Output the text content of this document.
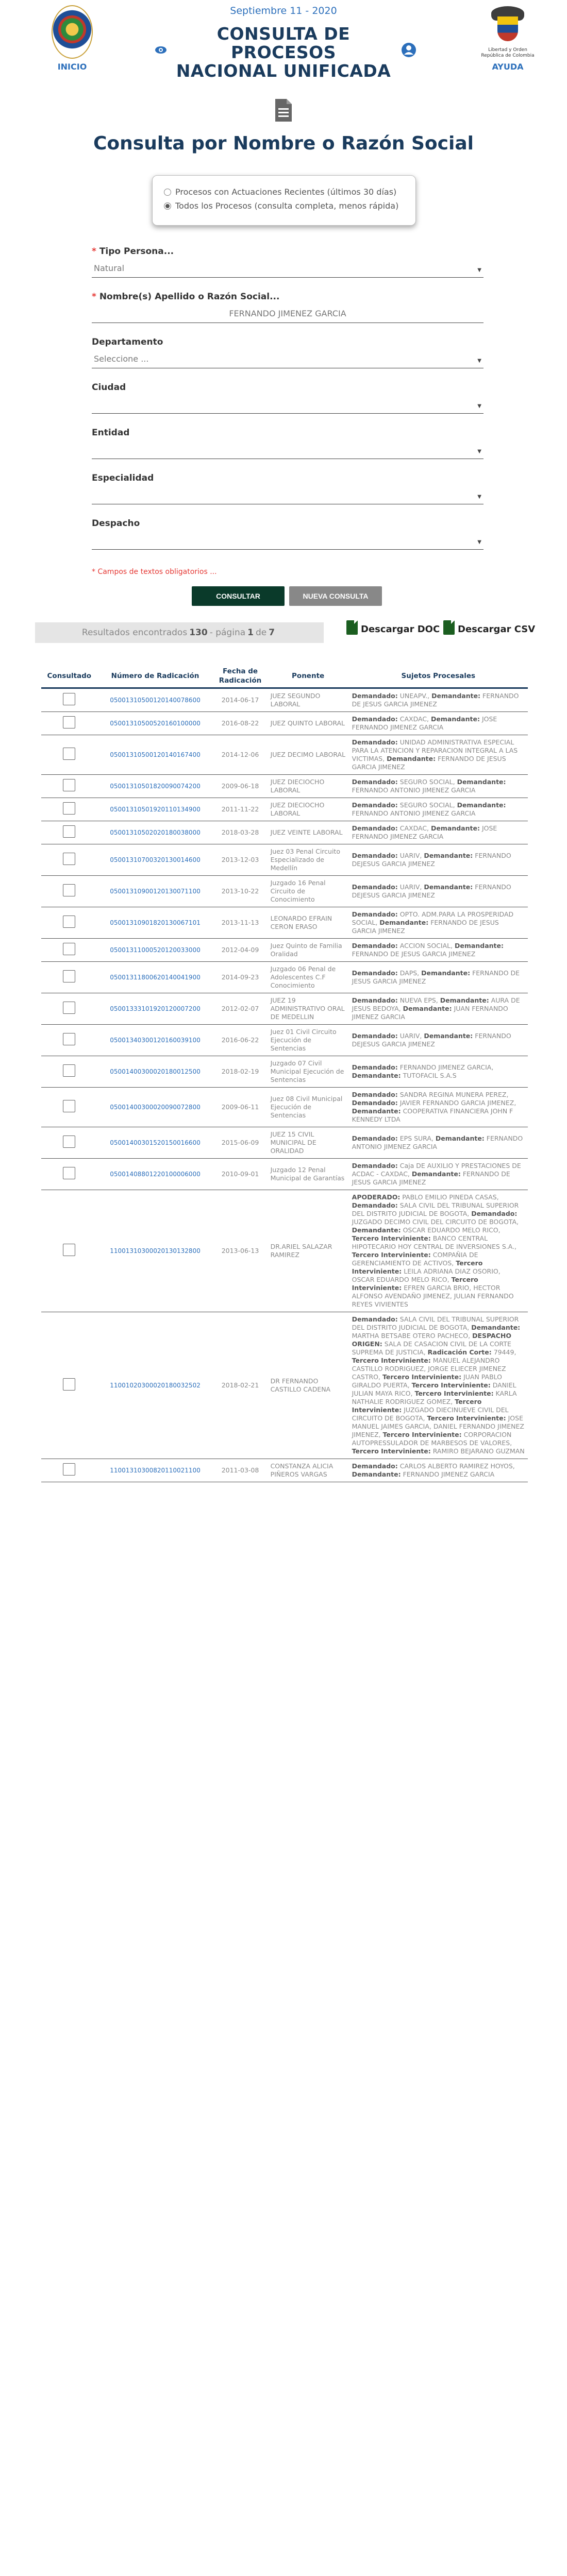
INICIO
Septiembre 11 - 2020
CONSULTA DE
PROCESOS
NACIONAL UNIFICADA
Libertad y Orden República de Colombia
AYUDA
Consulta por Nombre o Razón Social
Procesos con Actuaciones Recientes (últimos 30 días)
Todos los Procesos (consulta completa, menos rápida)
* Tipo Persona...
Natural	▼
* Nombre(s) Apellido o Razón Social...
FERNANDO JIMENEZ GARCIA
Departamento
Seleccione ...	▼
Ciudad
▼
Entidad
▼
Especialidad
▼
Despacho
▼
* Campos de textos obligatorios ...
CONSULTAR	NUEVA CONSULTA
Resultados encontrados 130 - página 1 de 7	Descargar DOC Descargar CSV
Consultado	Número de Radicación	Fecha de Radicación	Ponente	Sujetos Procesales
	05001310500120140078600	2014-06-17	JUEZ SEGUNDO LABORAL	Demandado: UNEAPV., Demandante: FERNANDO DE JESUS GARCIA JIMENEZ
	05001310500520160100000	2016-08-22	JUEZ QUINTO LABORAL	Demandado: CAXDAC, Demandante: JOSE FERNANDO JIMENEZ GARCIA
	05001310500120140167400	2014-12-06	JUEZ DECIMO LABORAL	Demandado: UNIDAD ADMINISTRATIVA ESPECIAL PARA LA ATENCION Y REPARACION INTEGRAL A LAS VICTIMAS, Demandante: FERNANDO DE JESUS GARCIA JIMENEZ
	05001310501820090074200	2009-06-18	JUEZ DIECIOCHO LABORAL	Demandado: SEGURO SOCIAL, Demandante: FERNANDO ANTONIO JIMENEZ GARCIA
	05001310501920110134900	2011-11-22	JUEZ DIECIOCHO LABORAL	Demandado: SEGURO SOCIAL, Demandante: FERNANDO ANTONIO JIMENEZ GARCIA
	05001310502020180038000	2018-03-28	JUEZ VEINTE LABORAL	Demandado: CAXDAC, Demandante: JOSE FERNANDO JIMENEZ GARCIA
	05001310700320130014600	2013-12-03	Juez 03 Penal Circuito Especializado de Medellín	Demandado: UARIV, Demandante: FERNANDO DEJESUS GARCIA JIMENEZ
	05001310900120130071100	2013-10-22	Juzgado 16 Penal Circuito de Conocimiento	Demandado: UARIV, Demandante: FERNANDO DEJESUS GARCIA JIMENEZ
	05001310901820130067101	2013-11-13	LEONARDO EFRAIN CERON ERASO	Demandado: OPTO. ADM.PARA LA PROSPERIDAD SOCIAL, Demandante: FERNANDO DE JESUS GARCIA JIMENEZ
	05001311000520120033000	2012-04-09	Juez Quinto de Familia Oralidad	Demandado: ACCION SOCIAL, Demandante: FERNANDO DE JESUS GARCIA JIMENEZ
	05001311800620140041900	2014-09-23	Juzgado 06 Penal de Adolescentes C.F Conocimiento	Demandado: DAPS, Demandante: FERNANDO DE JESUS GARCIA JIMENEZ
	05001333101920120007200	2012-02-07	JUEZ 19 ADMINISTRATIVO ORAL DE MEDELLIN	Demandado: NUEVA EPS, Demandante: AURA DE JESUS BEDOYA, Demandante: JUAN FERNANDO JIMENEZ GARCIA
	05001340300120160039100	2016-06-22	Juez 01 Civil Circuito Ejecución de Sentencias	Demandado: UARIV, Demandante: FERNANDO DEJESUS GARCIA JIMENEZ
	05001400300020180012500	2018-02-19	Juzgado 07 Civil Municipal Ejecución de Sentencias	Demandado: FERNANDO JIMENEZ GARCIA, Demandante: TUTOFACIL S.A.S
	05001400300020090072800	2009-06-11	Juez 08 Civil Municipal Ejecución de Sentencias	Demandado: SANDRA REGINA MUNERA PEREZ, Demandado: JAVIER FERNANDO GARCIA JIMENEZ, Demandante: COOPERATIVA FINANCIERA JOHN F KENNEDY LTDA
	05001400301520150016600	2015-06-09	JUEZ 15 CIVIL MUNICIPAL DE ORALIDAD	Demandado: EPS SURA, Demandante: FERNANDO ANTONIO JIMENEZ GARCIA
	05001408801220100006000	2010-09-01	Juzgado 12 Penal Municipal de Garantías	Demandado: Caja DE AUXILIO Y PRESTACIONES DE ACDAC - CAXDAC, Demandante: FERNANDO DE JESUS GARCIA JIMENEZ
	11001310300020130132800	2013-06-13	DR.ARIEL SALAZAR RAMIREZ	APODERADO: PABLO EMILIO PINEDA CASAS, Demandado: SALA CIVIL DEL TRIBUNAL SUPERIOR DEL DISTRITO JUDICIAL DE BOGOTA, Demandado: JUZGADO DECIMO CIVIL DEL CIRCUITO DE BOGOTA, Demandante: OSCAR EDUARDO MELO RICO, Tercero Interviniente: BANCO CENTRAL HIPOTECARIO HOY CENTRAL DE INVERSIONES S.A., Tercero Interviniente: COMPAÑIA DE GERENCIAMIENTO DE ACTIVOS, Tercero Interviniente: LEILA ADRIANA DIAZ OSORIO, OSCAR EDUARDO MELO RICO, Tercero Interviniente: EFREN GARCIA BRIO, HECTOR ALFONSO AVENDAÑO JIMENEZ, JULIAN FERNANDO REYES VIVIENTES
	11001020300020180032502	2018-02-21	DR FERNANDO CASTILLO CADENA	Demandado: SALA CIVIL DEL TRIBUNAL SUPERIOR DEL DISTRITO JUDICIAL DE BOGOTA, Demandante: MARTHA BETSABE OTERO PACHECO, DESPACHO ORIGEN: SALA DE CASACION CIVIL DE LA CORTE SUPREMA DE JUSTICIA, Radicación Corte: 79449, Tercero Interviniente: MANUEL ALEJANDRO CASTILLO RODRIGUEZ, JORGE ELIECER JIMENEZ CASTRO, Tercero Interviniente: JUAN PABLO GIRALDO PUERTA, Tercero Interviniente: DANIEL JULIAN MAYA RICO, Tercero Interviniente: KARLA NATHALIE RODRIGUEZ GOMEZ, Tercero Interviniente: JUZGADO DIECINUEVE CIVIL DEL CIRCUITO DE BOGOTA, Tercero Interviniente: JOSE MANUEL JAIMES GARCIA, DANIEL FERNANDO JIMENEZ JIMENEZ, Tercero Interviniente: CORPORACION AUTOPRESSULADOR DE MARBESOS DE VALORES, Tercero Interviniente: RAMIRO BEJARANO GUZMAN
	11001310300820110021100	2011-03-08	CONSTANZA ALICIA PIÑEROS VARGAS	Demandado: CARLOS ALBERTO RAMIREZ HOYOS, Demandante: FERNANDO JIMENEZ GARCIA
